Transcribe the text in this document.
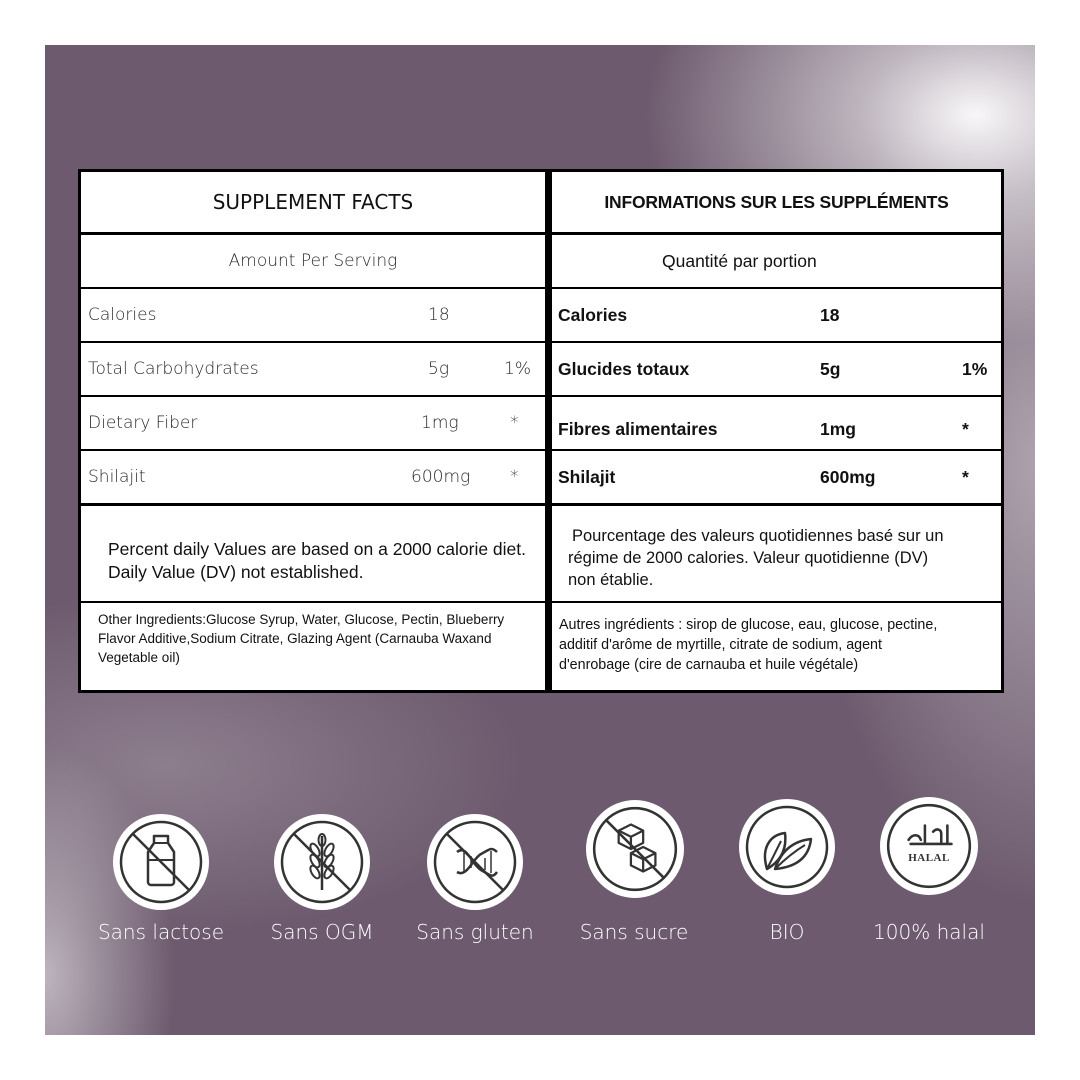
SUPPLEMENT FACTS
Amount Per Serving
Calories	18
Total Carbohydrates	5g	1%
Dietary Fiber	1mg	*
Shilajit	600mg *
Percent daily Values are based on a 2000 calorie diet.
Daily Value (DV) not established.
Other Ingredients:Glucose Syrup, Water, Glucose, Pectin, Blueberry
Flavor Additive,Sodium Citrate, Glazing Agent (Carnauba Waxand
Vegetable oil)
INFORMATIONS SUR LES SUPPLÉMENTS
Quantité par portion
Calories	18
Glucides totaux	5g	1%
Fibres alimentaires	1mg	*
Shilajit	600mg	*
Pourcentage des valeurs quotidiennes basé sur un
régime de 2000 calories. Valeur quotidienne (DV)
non établie.
Autres ingrédients : sirop de glucose, eau, glucose, pectine,
additif d'arôme de myrtille, citrate de sodium, agent
d'enrobage (cire de carnauba et huile végétale)
HALAL
Sans lactose	Sans OGM	Sans gluten	Sans sucre	BIO	100% halal
